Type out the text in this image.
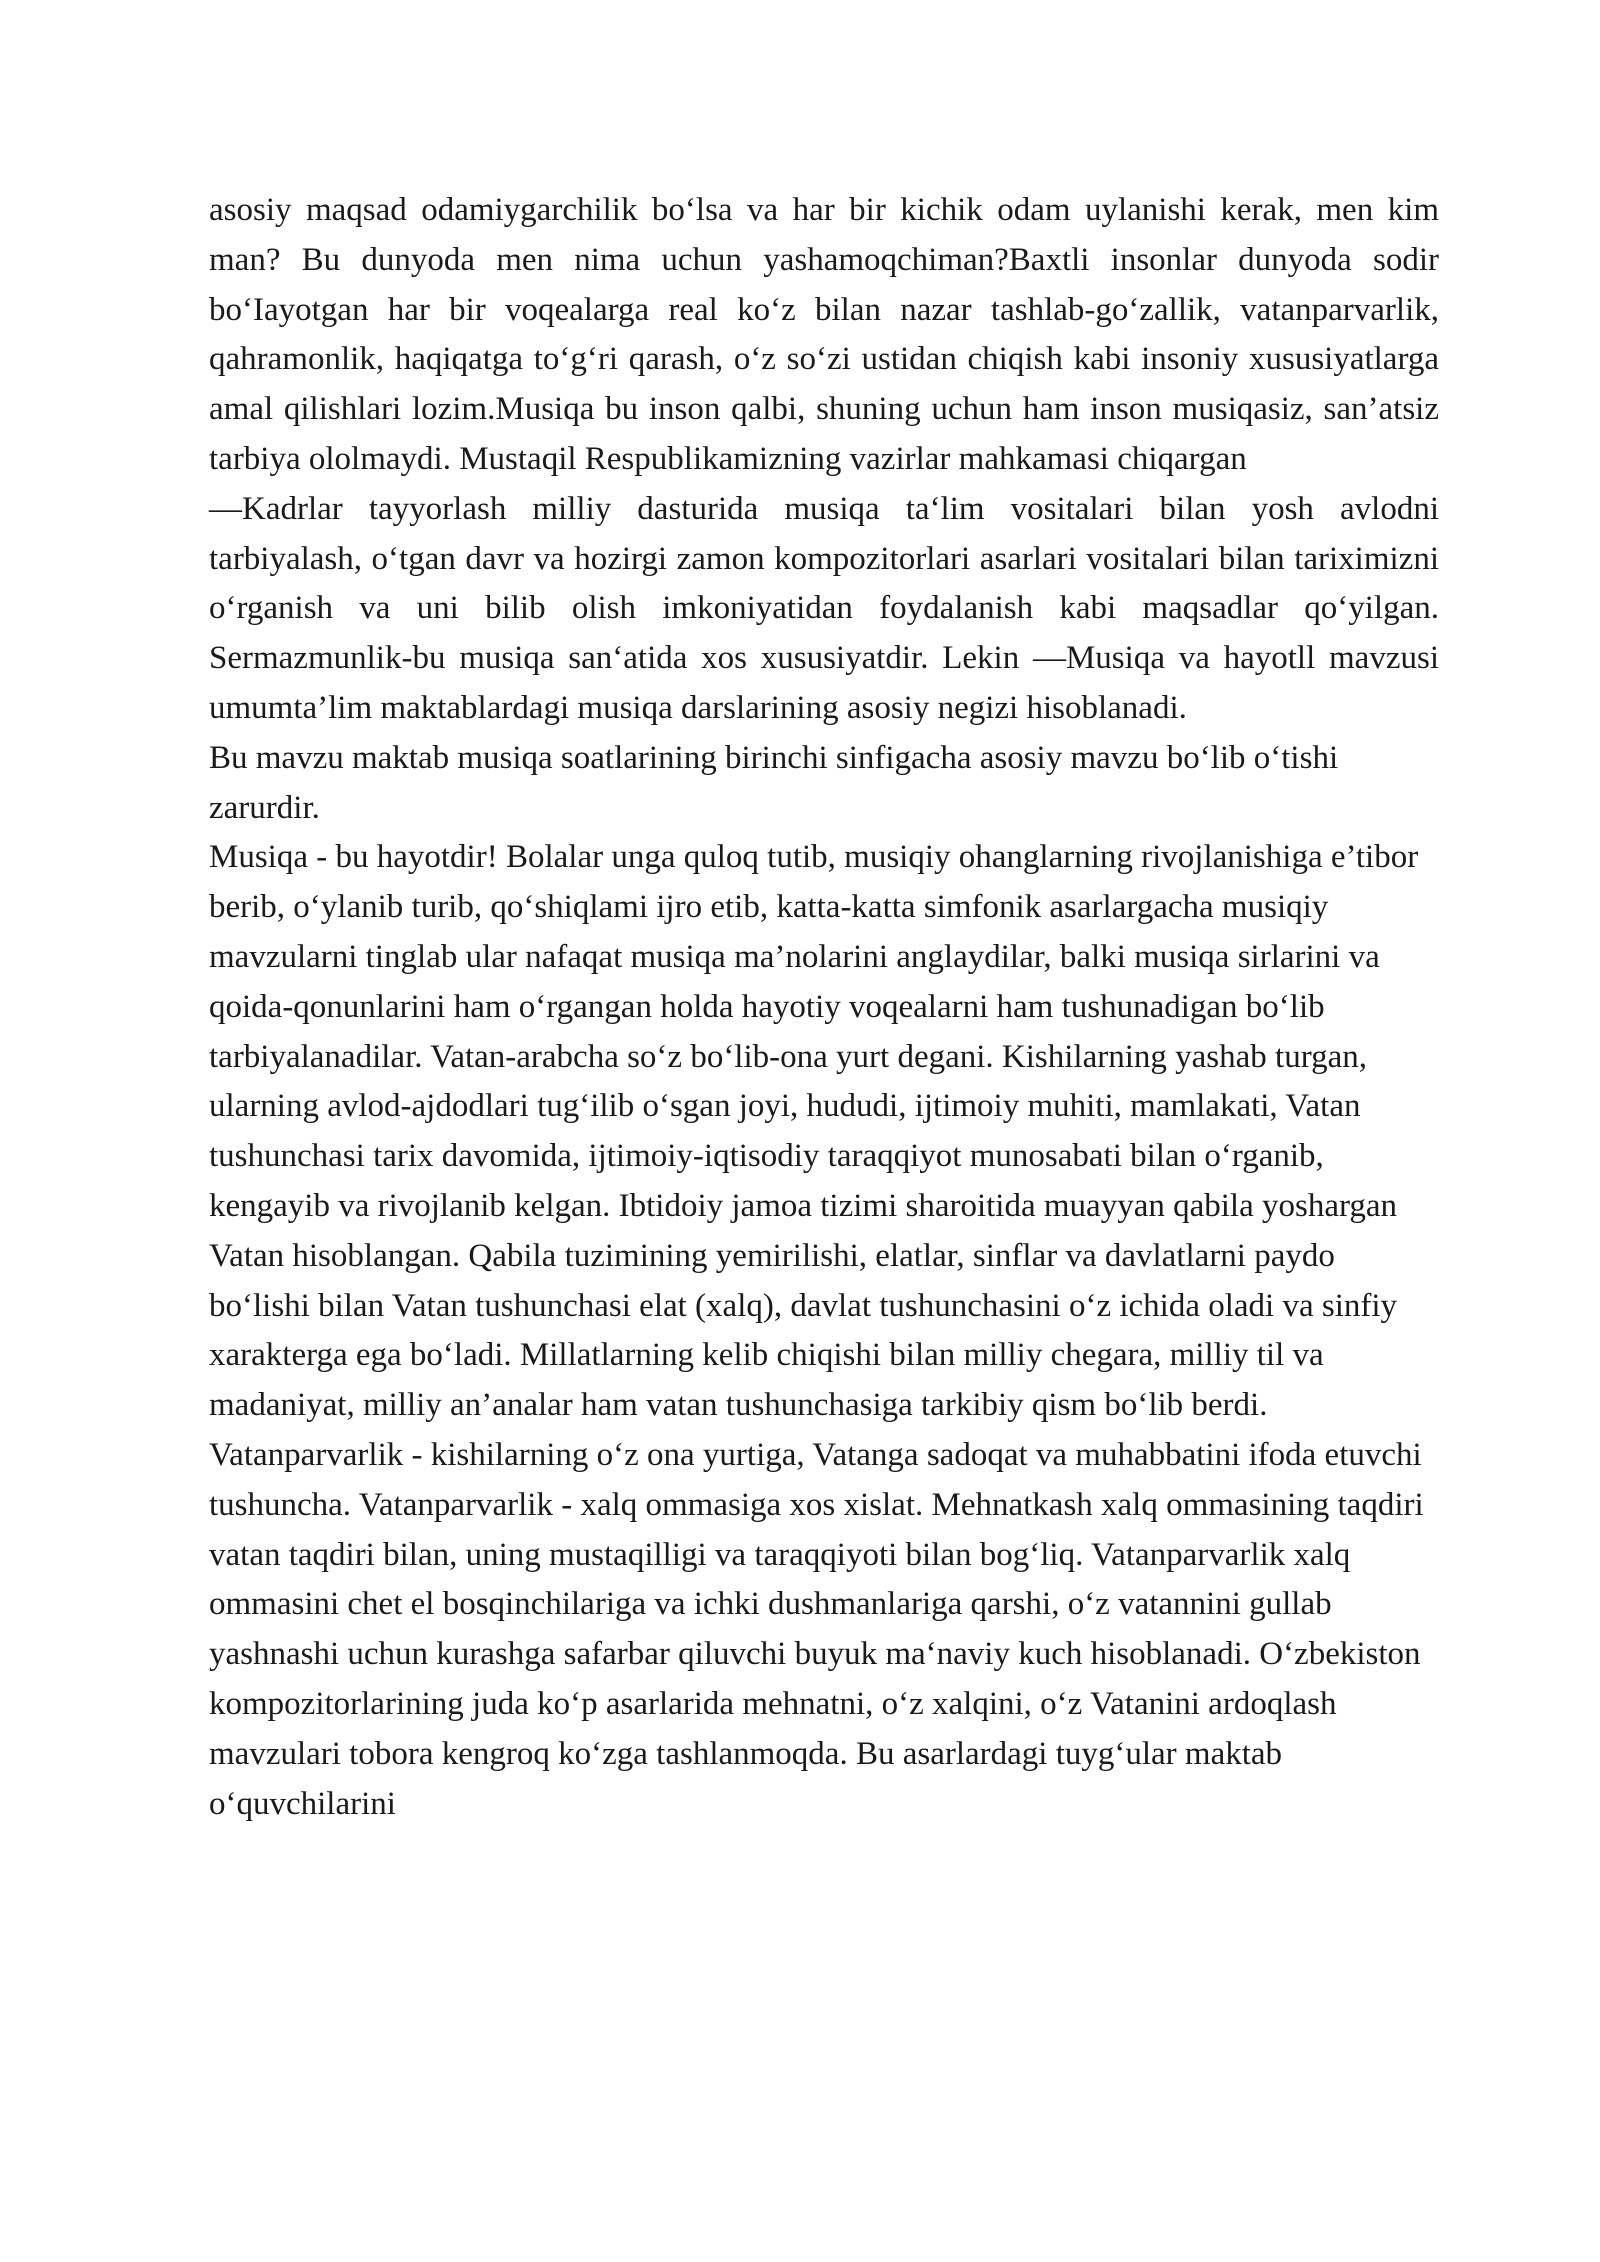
asosiy maqsad odamiygarchilik bo‘lsa va har bir kichik odam uylanishi kerak, men kim man? Bu dunyoda men nima uchun yashamoqchiman?Baxtli insonlar dunyoda sodir bo‘Iayotgan har bir voqealarga real ko‘z bilan nazar tashlab-go‘zallik, vatanparvarlik, qahramonlik, haqiqatga to‘g‘ri qarash, o‘z so‘zi ustidan chiqish kabi insoniy xususiyatlarga amal qilishlari lozim.Musiqa bu inson qalbi, shuning uchun ham inson musiqasiz, san’atsiz tarbiya ololmaydi. Mustaqil Respublikamizning vazirlar mahkamasi chiqargan

—Kadrlar tayyorlash milliy dasturida musiqa ta‘lim vositalari bilan yosh avlodni tarbiyalash, o‘tgan davr va hozirgi zamon kompozitorlari asarlari vositalari bilan tariximizni o‘rganish va uni bilib olish imkoniyatidan foydalanish kabi maqsadlar qo‘yilgan. Sermazmunlik-bu musiqa san‘atida xos xususiyatdir. Lekin —Musiqa va hayotll mavzusi umumta’lim maktablardagi musiqa darslarining asosiy negizi hisoblanadi.

Bu mavzu maktab musiqa soatlarining birinchi sinfigacha asosiy mavzu bo‘lib o‘tishi zarurdir.

Musiqa - bu hayotdir! Bolalar unga quloq tutib, musiqiy ohanglarning rivojlanishiga e’tibor berib, o‘ylanib turib, qo‘shiqlami ijro etib, katta-katta simfonik asarlargacha musiqiy mavzularni tinglab ular nafaqat musiqa ma’nolarini anglaydilar, balki musiqa sirlarini va qoida-qonunlarini ham o‘rgangan holda hayotiy voqealarni ham tushunadigan bo‘lib tarbiyalanadilar. Vatan-arabcha so‘z bo‘lib-ona yurt degani. Kishilarning yashab turgan, ularning avlod-ajdodlari tug‘ilib o‘sgan joyi, hududi, ijtimoiy muhiti, mamlakati, Vatan tushunchasi tarix davomida, ijtimoiy-iqtisodiy taraqqiyot munosabati bilan o‘rganib, kengayib va rivojlanib kelgan. Ibtidoiy jamoa tizimi sharoitida muayyan qabila yoshargan Vatan hisoblangan. Qabila tuzimining yemirilishi, elatlar, sinflar va davlatlarni paydo bo‘lishi bilan Vatan tushunchasi elat (xalq), davlat tushunchasini o‘z ichida oladi va sinfiy xarakterga ega bo‘ladi. Millatlarning kelib chiqishi bilan milliy chegara, milliy til va madaniyat, milliy an’analar ham vatan tushunchasiga tarkibiy qism bo‘lib berdi. Vatanparvarlik - kishilarning o‘z ona yurtiga, Vatanga sadoqat va muhabbatini ifoda etuvchi tushuncha. Vatanparvarlik - xalq ommasiga xos xislat. Mehnatkash xalq ommasining taqdiri vatan taqdiri bilan, uning mustaqilligi va taraqqiyoti bilan bog‘liq. Vatanparvarlik xalq ommasini chet el bosqinchilariga va ichki dushmanlariga qarshi, o‘z vatannini gullab yashnashi uchun kurashga safarbar qiluvchi buyuk ma‘naviy kuch hisoblanadi. O‘zbekiston kompozitorlarining juda ko‘p asarlarida mehnatni, o‘z xalqini, o‘z Vatanini ardoqlash mavzulari tobora kengroq ko‘zga tashlanmoqda. Bu asarlardagi tuyg‘ular maktab o‘quvchilarini
